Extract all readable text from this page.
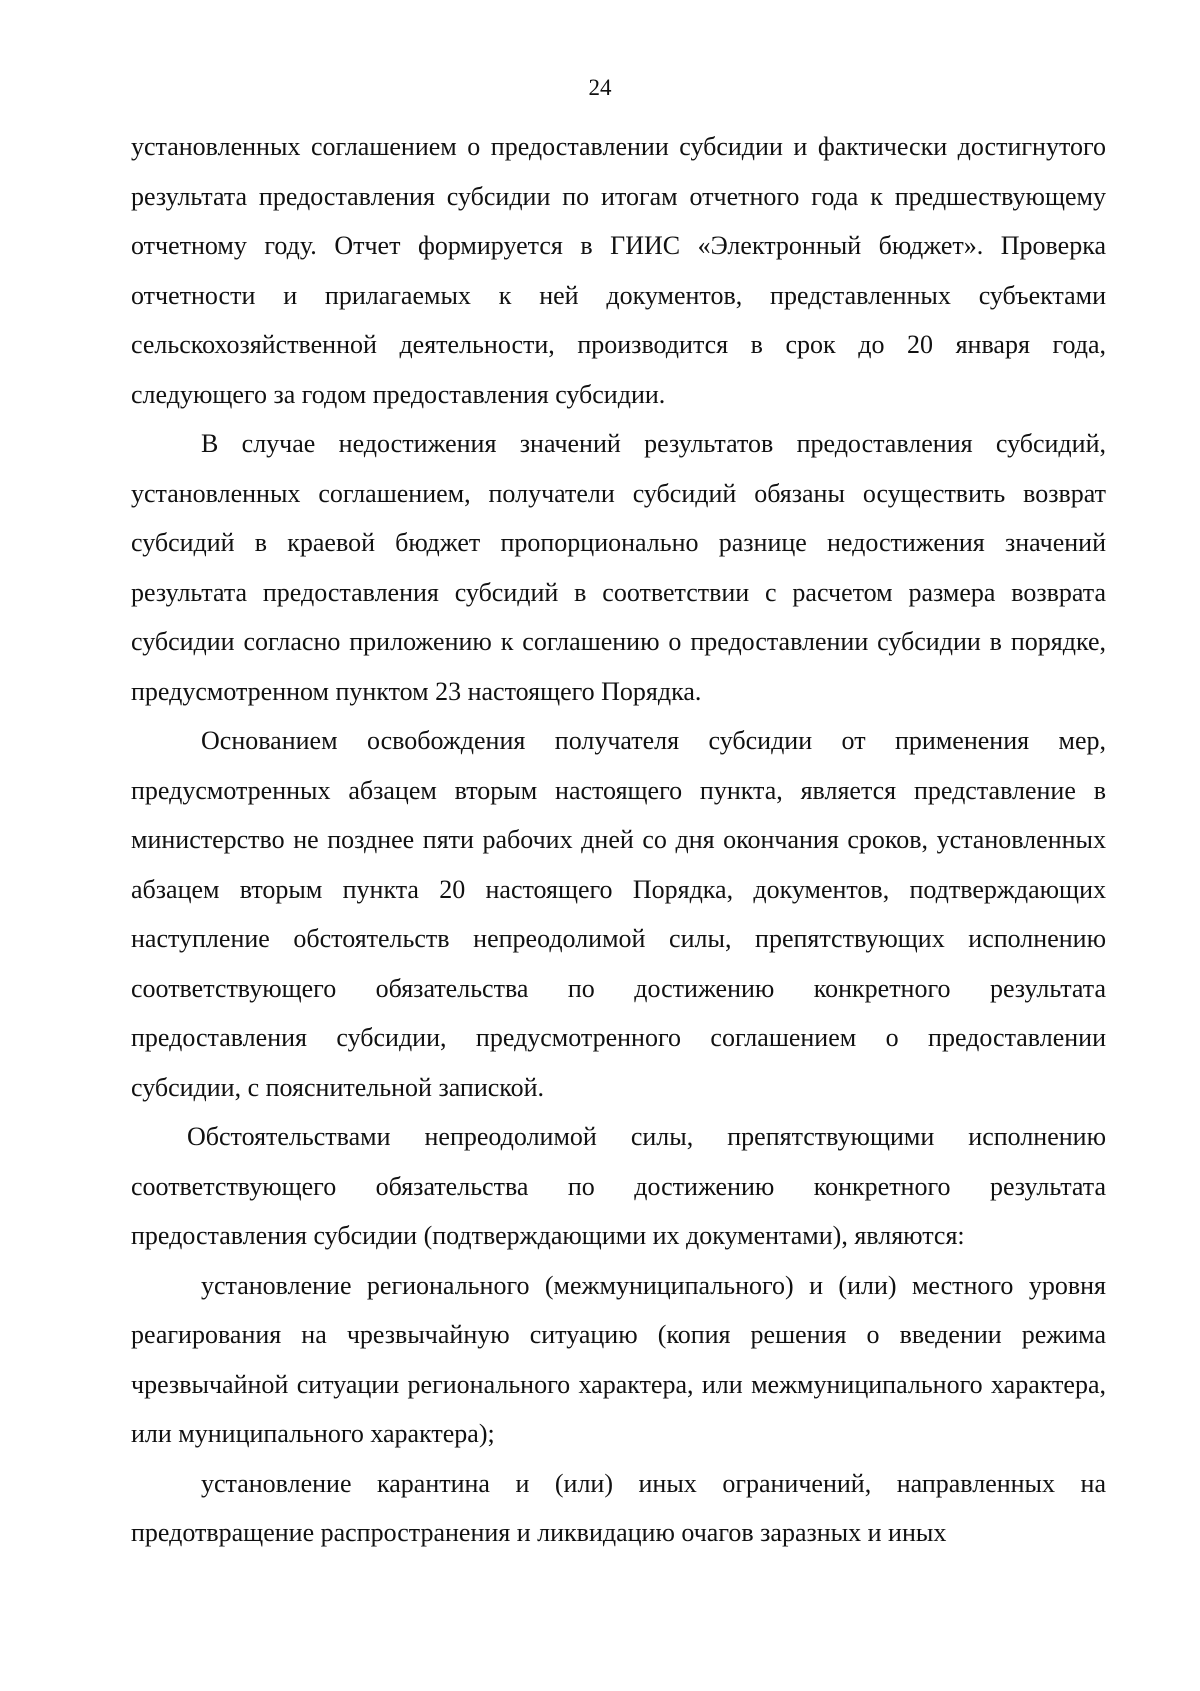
24

установленных соглашением о предоставлении субсидии и фактически достигнутого результата предоставления субсидии по итогам отчетного года к предшествующему отчетному году. Отчет формируется в ГИИС «Электронный бюджет». Проверка отчетности и прилагаемых к ней документов, представленных субъектами сельскохозяйственной деятельности, производится в срок до 20 января года, следующего за годом предоставления субсидии.

В случае недостижения значений результатов предоставления субсидий, установленных соглашением, получатели субсидий обязаны осуществить возврат субсидий в краевой бюджет пропорционально разнице недостижения значений результата предоставления субсидий в соответствии с расчетом размера возврата субсидии согласно приложению к соглашению о предоставлении субсидии в порядке, предусмотренном пунктом 23 настоящего Порядка.

Основанием освобождения получателя субсидии от применения мер, предусмотренных абзацем вторым настоящего пункта, является представление в министерство не позднее пяти рабочих дней со дня окончания сроков, установленных абзацем вторым пункта 20 настоящего Порядка, документов, подтверждающих наступление обстоятельств непреодолимой силы, препятствующих исполнению соответствующего обязательства по достижению конкретного результата предоставления субсидии, предусмотренного соглашением о предоставлении субсидии, с пояснительной запиской.

Обстоятельствами непреодолимой силы, препятствующими исполнению соответствующего обязательства по достижению конкретного результата предоставления субсидии (подтверждающими их документами), являются:

установление регионального (межмуниципального) и (или) местного уровня реагирования на чрезвычайную ситуацию (копия решения о введении режима чрезвычайной ситуации регионального характера, или межмуниципального характера, или муниципального характера);

установление карантина и (или) иных ограничений, направленных на предотвращение распространения и ликвидацию очагов заразных и иных
